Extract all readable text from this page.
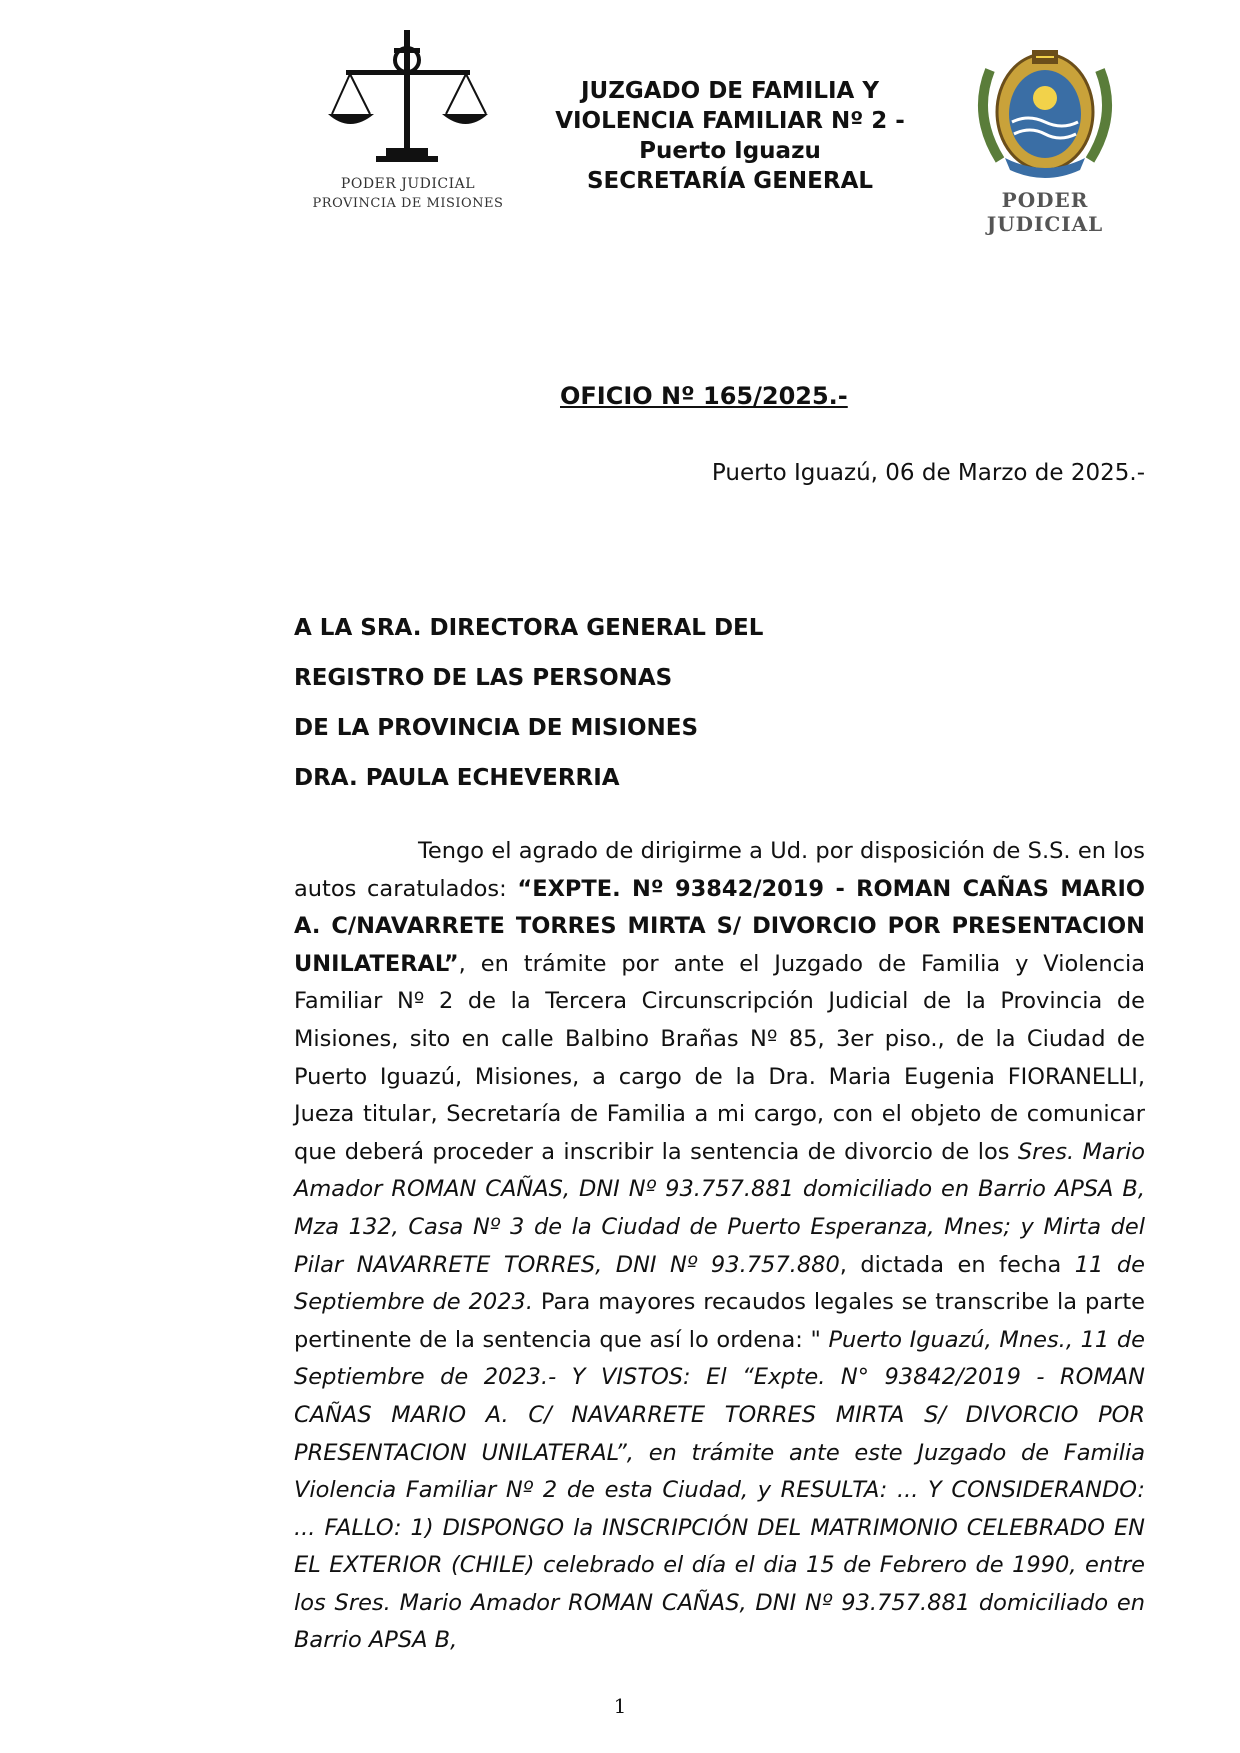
PODER JUDICIAL
PROVINCIA DE MISIONES
JUZGADO DE FAMILIA Y
VIOLENCIA FAMILIAR Nº 2 -
Puerto Iguazu
SECRETARÍA GENERAL
PODER JUDICIAL
OFICIO Nº 165/2025.-
Puerto Iguazú, 06 de Marzo de 2025.-
A LA SRA. DIRECTORA GENERAL DEL
REGISTRO DE LAS PERSONAS
DE LA PROVINCIA DE MISIONES
DRA. PAULA ECHEVERRIA

Tengo el agrado de dirigirme a Ud. por disposición de S.S. en los autos caratulados: “EXPTE. Nº 93842/2019 - ROMAN CAÑAS MARIO A. C/NAVARRETE TORRES MIRTA S/ DIVORCIO POR PRESENTACION UNILATERAL”, en trámite por ante el Juzgado de Familia y Violencia Familiar Nº 2 de la Tercera Circunscripción Judicial de la Provincia de Misiones, sito en calle Balbino Brañas Nº 85, 3er piso., de la Ciudad de Puerto Iguazú, Misiones, a cargo de la Dra. Maria Eugenia FIORANELLI, Jueza titular, Secretaría de Familia a mi cargo, con el objeto de comunicar que deberá proceder a inscribir la sentencia de divorcio de los Sres. Mario Amador ROMAN CAÑAS, DNI Nº 93.757.881 domiciliado en Barrio APSA B, Mza 132, Casa Nº 3 de la Ciudad de Puerto Esperanza, Mnes; y Mirta del Pilar NAVARRETE TORRES, DNI Nº 93.757.880, dictada en fecha 11 de Septiembre de 2023. Para mayores recaudos legales se transcribe la parte pertinente de la sentencia que así lo ordena: " Puerto Iguazú, Mnes., 11 de Septiembre de 2023.- Y VISTOS: El “Expte. N° 93842/2019 - ROMAN CAÑAS MARIO A. C/ NAVARRETE TORRES MIRTA S/ DIVORCIO POR PRESENTACION UNILATERAL”, en trámite ante este Juzgado de Familia Violencia Familiar Nº 2 de esta Ciudad, y RESULTA: ... Y CONSIDERANDO: ... FALLO: 1) DISPONGO la INSCRIPCIÓN DEL MATRIMONIO CELEBRADO EN EL EXTERIOR (CHILE) celebrado el día el dia 15 de Febrero de 1990, entre los Sres. Mario Amador ROMAN CAÑAS, DNI Nº 93.757.881 domiciliado en Barrio APSA B,

1
